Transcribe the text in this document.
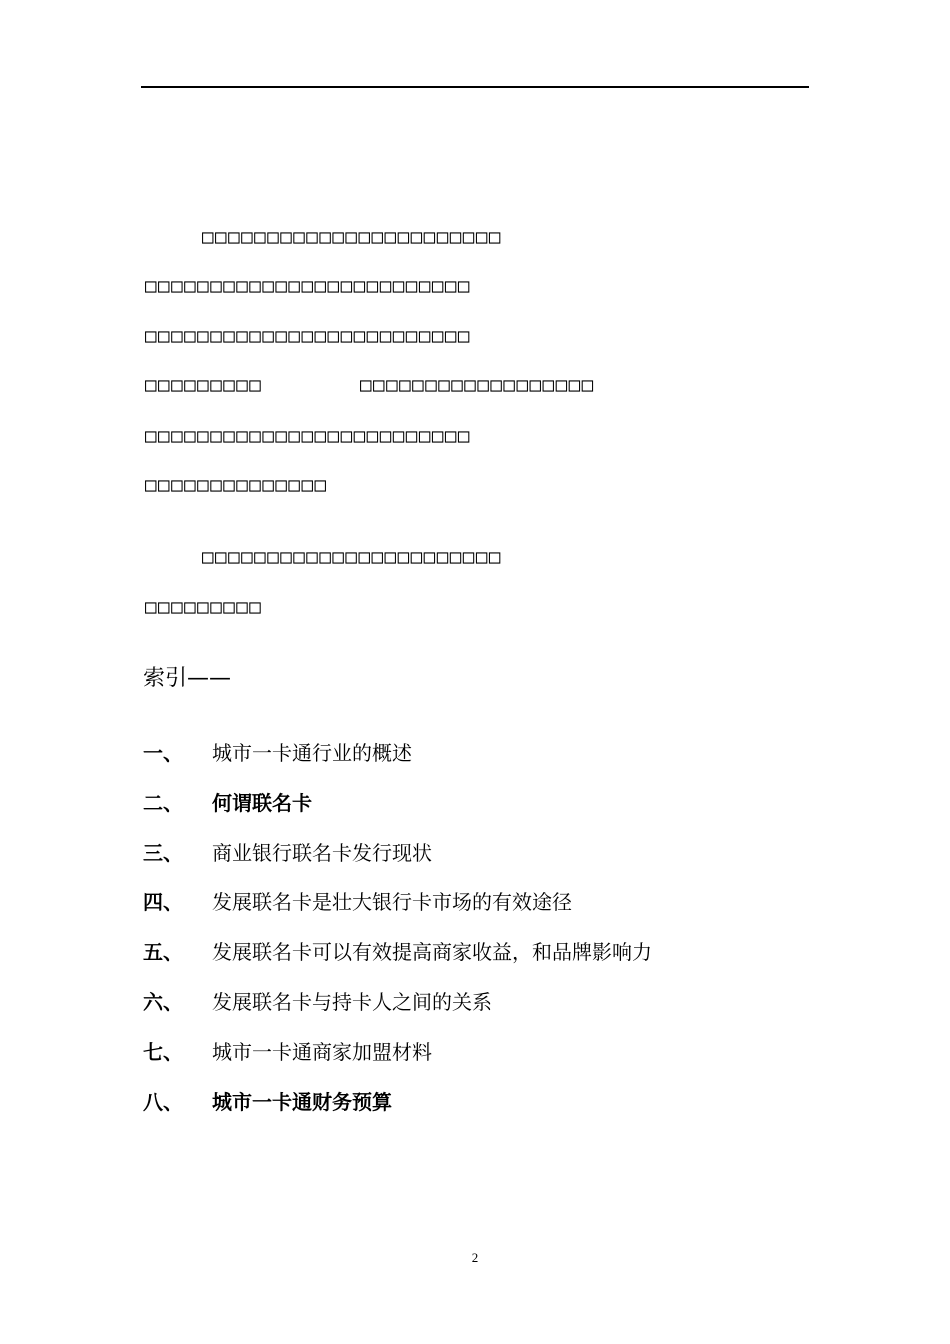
□□□□□□□□□□□□□□□□□□□□□□□
□□□□□□□□□□□□□□□□□□□□□□□□□
□□□□□□□□□□□□□□□□□□□□□□□□□
□□□□□□□□□	□□□□□□□□□□□□□□□□□□
□□□□□□□□□□□□□□□□□□□□□□□□□
□□□□□□□□□□□□□□
□□□□□□□□□□□□□□□□□□□□□□□
□□□□□□□□□
索引——
一、 城市一卡通行业的概述
二、 何谓联名卡
三、 商业银行联名卡发行现状
四、 发展联名卡是壮大银行卡市场的有效途径
五、 发展联名卡可以有效提高商家收益，和品牌影响力
六、 发展联名卡与持卡人之间的关系
七、 城市一卡通商家加盟材料
八、 城市一卡通财务预算
2
